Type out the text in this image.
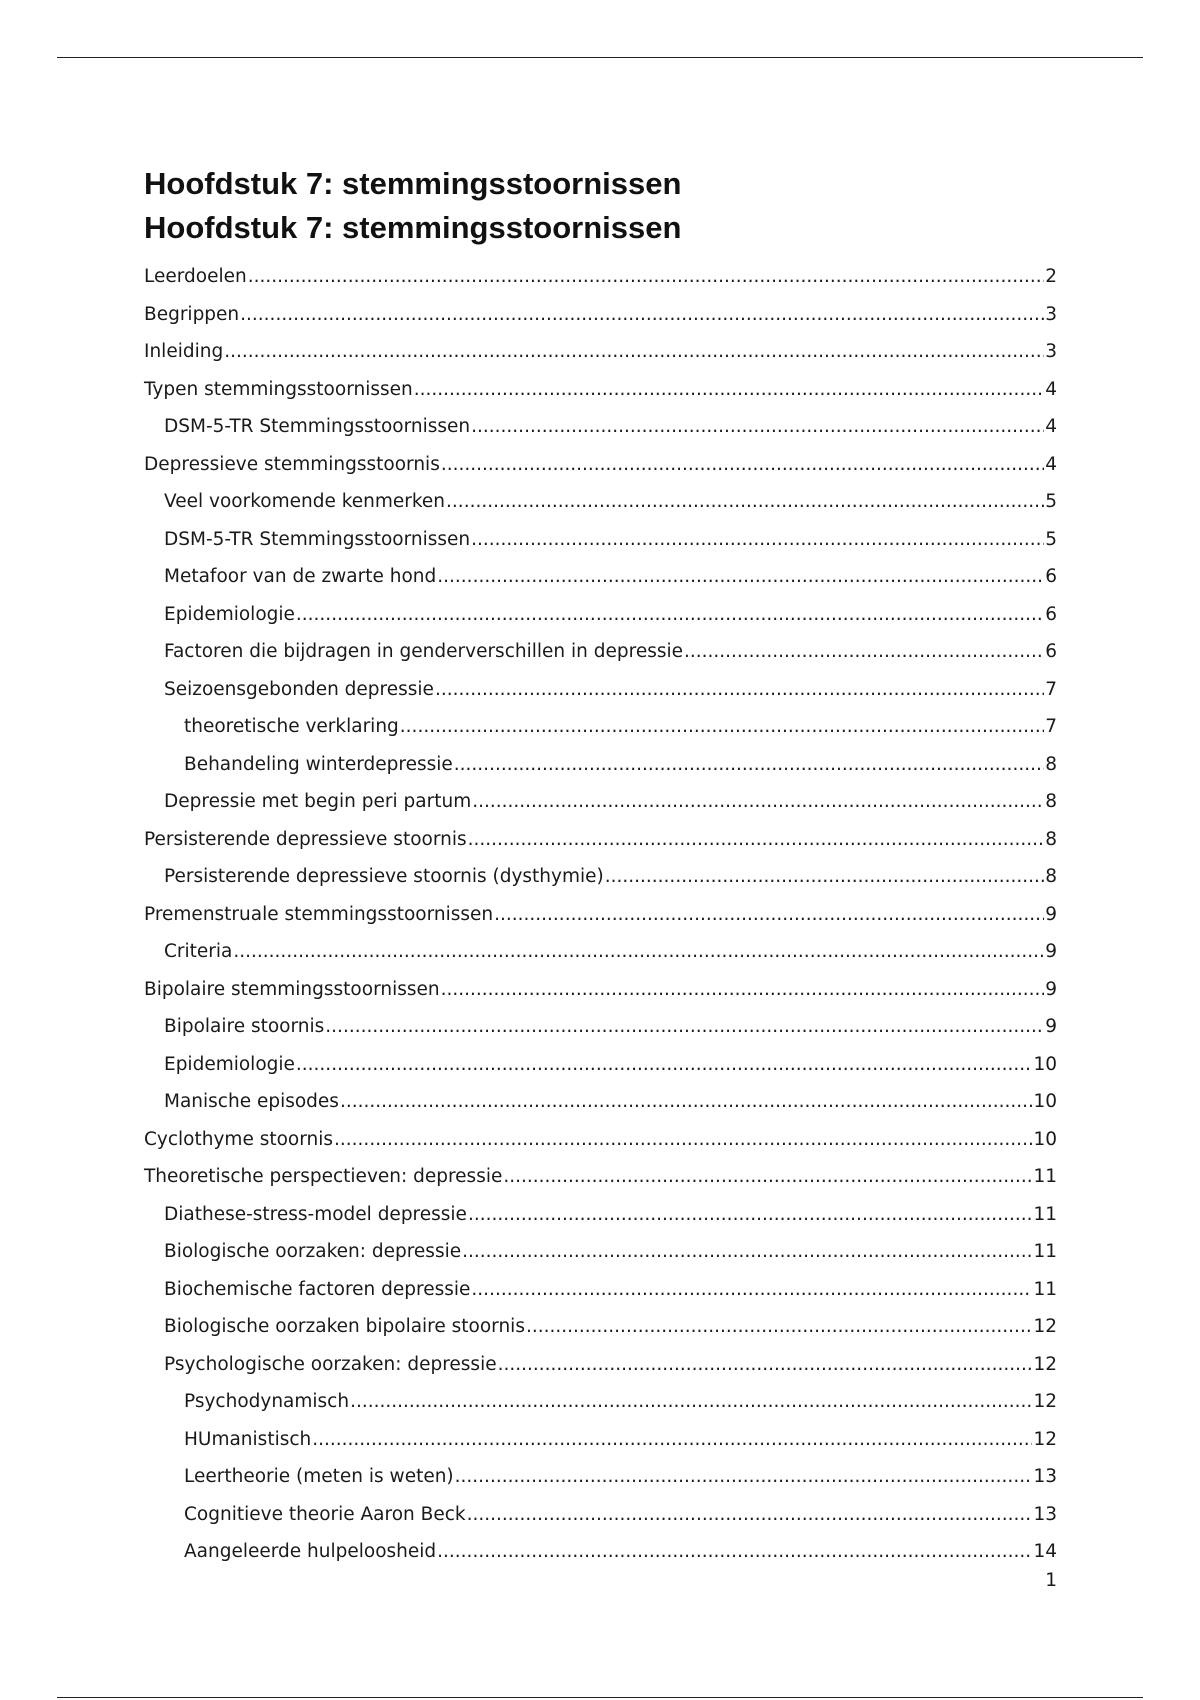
Hoofdstuk 7: stemmingsstoornissen
Hoofdstuk 7: stemmingsstoornissen
Leerdoelen .....	2
Begrippen .....	3
Inleiding .....	3
Typen stemmingsstoornissen .....	4
DSM-5-TR Stemmingsstoornissen .....	4
Depressieve stemmingsstoornis .....	4
Veel voorkomende kenmerken .....	5
DSM-5-TR Stemmingsstoornissen .....	5
Metafoor van de zwarte hond .....	6
Epidemiologie .....	6
Factoren die bijdragen in genderverschillen in depressie .....	6
Seizoensgebonden depressie .....	7
theoretische verklaring .....	7
Behandeling winterdepressie .....	8
Depressie met begin peri partum .....	8
Persisterende depressieve stoornis .....	8
Persisterende depressieve stoornis (dysthymie) .....	8
Premenstruale stemmingsstoornissen .....	9
Criteria .....	9
Bipolaire stemmingsstoornissen .....	9
Bipolaire stoornis .....	9
Epidemiologie .....	10
Manische episodes .....	10
Cyclothyme stoornis .....	10
Theoretische perspectieven: depressie .....	11
Diathese-stress-model depressie .....	11
Biologische oorzaken: depressie .....	11
Biochemische factoren depressie .....	11
Biologische oorzaken bipolaire stoornis .....	12
Psychologische oorzaken: depressie .....	12
Psychodynamisch .....	12
HUmanistisch .....	12
Leertheorie (meten is weten) .....	13
Cognitieve theorie Aaron Beck .....	13
Aangeleerde hulpeloosheid .....	14
1
